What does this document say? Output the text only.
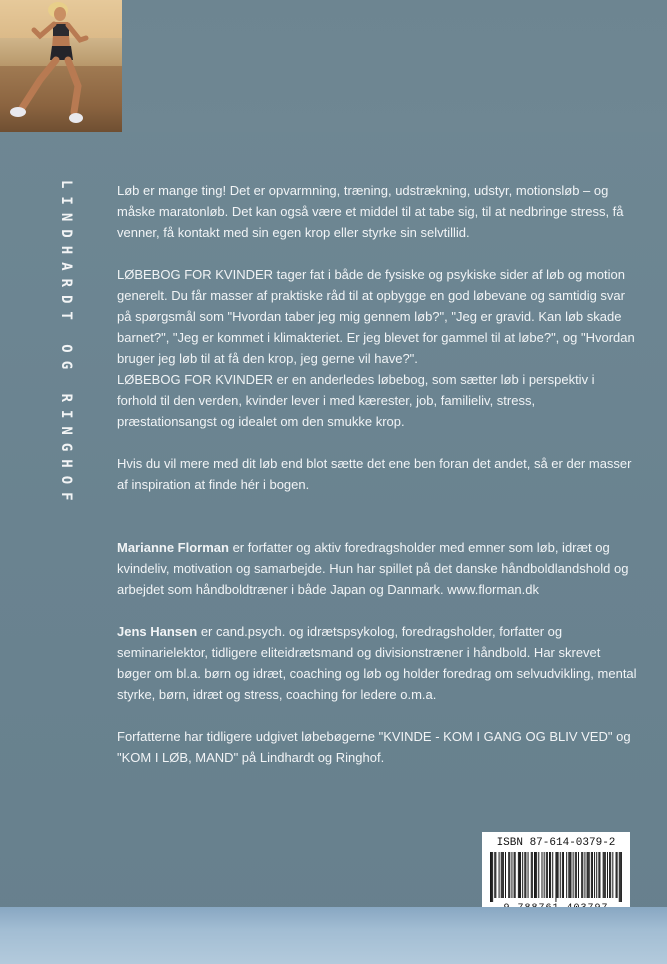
LINDHARDT OG RINGHOF	Løb er mange ting! Det er opvarmning, træning, udstrækning, udstyr, motionsløb – og måske maratonløb. Det kan også være et middel til at tabe sig, til at nedbringe stress, få venner, få kontakt med sin egen krop eller styrke sin selvtillid.

LØBEBOG FOR KVINDER tager fat i både de fysiske og psykiske sider af løb og motion generelt. Du får masser af praktiske råd til at opbygge en god løbevane og samtidig svar på spørgsmål som "Hvordan taber jeg mig gennem løb?", "Jeg er gravid. Kan løb skade barnet?", "Jeg er kommet i klimakteriet. Er jeg blevet for gammel til at løbe?", og "Hvordan bruger jeg løb til at få den krop, jeg gerne vil have?".

LØBEBOG FOR KVINDER er en anderledes løbebog, som sætter løb i perspektiv i forhold til den verden, kvinder lever i med kærester, job, familieliv, stress, præstationsangst og idealet om den smukke krop.

Hvis du vil mere med dit løb end blot sætte det ene ben foran det andet, så er der masser af inspiration at finde hér i bogen.

Marianne Florman er forfatter og aktiv foredragsholder med emner som løb, idræt og kvindeliv, motivation og samarbejde. Hun har spillet på det danske håndboldlandshold og arbejdet som håndboldtræner i både Japan og Danmark. www.florman.dk

Jens Hansen er cand.psych. og idrætspsykolog, foredragsholder, forfatter og seminarielektor, tidligere eliteidrætsmand og divisionstræner i håndbold. Har skrevet bøger om bl.a. børn og idræt, coaching og løb og holder foredrag om selvudvikling, mental styrke, børn, idræt og stress, coaching for ledere o.m.a.

Forfatterne har tidligere udgivet løbebøgerne "KVINDE - KOM I GANG OG BLIV VED" og "KOM I LØB, MAND" på Lindhardt og Ringhof.

ISBN 87-614-0379-2
